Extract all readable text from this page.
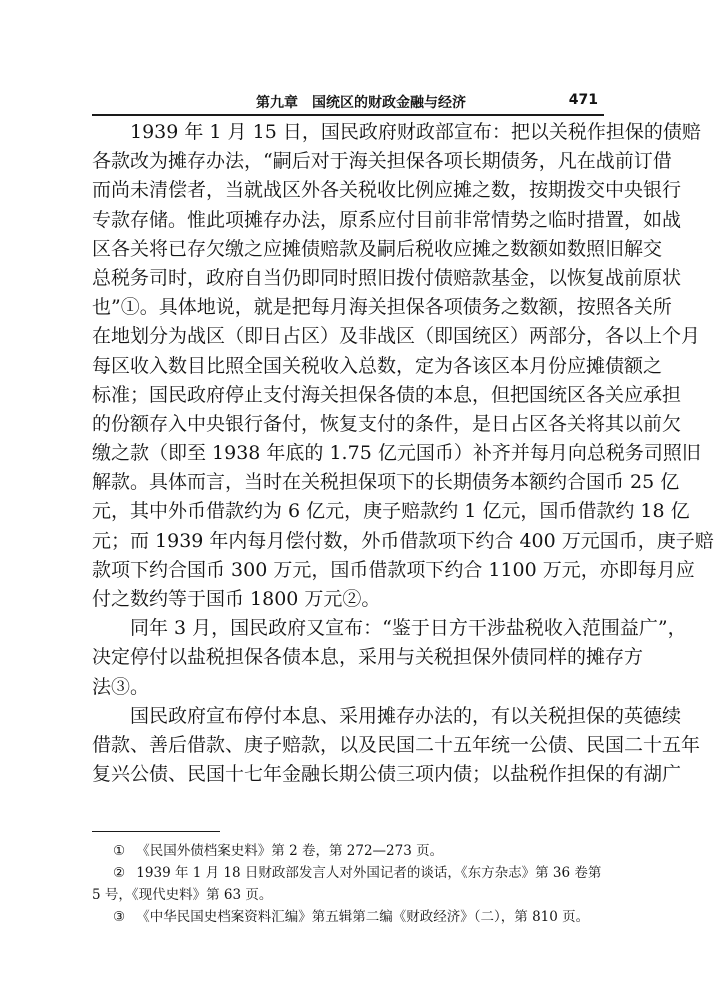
第九章　国统区的财政金融与经济	471
1939 年 1 月 15 日，国民政府财政部宣布：把以关税作担保的债赔
各款改为摊存办法，“嗣后对于海关担保各项长期债务，凡在战前订借
而尚未清偿者，当就战区外各关税收比例应摊之数，按期拨交中央银行
专款存储。惟此项摊存办法，原系应付目前非常情势之临时措置，如战
区各关将已存欠缴之应摊债赔款及嗣后税收应摊之数额如数照旧解交
总税务司时，政府自当仍即同时照旧拨付债赔款基金，以恢复战前原状
也”①。具体地说，就是把每月海关担保各项债务之数额，按照各关所
在地划分为战区（即日占区）及非战区（即国统区）两部分，各以上个月
每区收入数目比照全国关税收入总数，定为各该区本月份应摊债额之
标准；国民政府停止支付海关担保各债的本息，但把国统区各关应承担
的份额存入中央银行备付，恢复支付的条件，是日占区各关将其以前欠
缴之款（即至 1938 年底的 1.75 亿元国币）补齐并每月向总税务司照旧
解款。具体而言，当时在关税担保项下的长期债务本额约合国币 25 亿
元，其中外币借款约为 6 亿元，庚子赔款约 1 亿元，国币借款约 18 亿
元；而 1939 年内每月偿付数，外币借款项下约合 400 万元国币，庚子赔
款项下约合国币 300 万元，国币借款项下约合 1100 万元，亦即每月应
付之数约等于国币 1800 万元②。
同年 3 月，国民政府又宣布：“鉴于日方干涉盐税收入范围益广”，
决定停付以盐税担保各债本息，采用与关税担保外债同样的摊存方
法③。
国民政府宣布停付本息、采用摊存办法的，有以关税担保的英德续
借款、善后借款、庚子赔款，以及民国二十五年统一公债、民国二十五年
复兴公债、民国十七年金融长期公债三项内债；以盐税作担保的有湖广
① 《民国外债档案史料》第 2 卷，第 272—273 页。
② 1939 年 1 月 18 日财政部发言人对外国记者的谈话，《东方杂志》第 36 卷第
5 号，《现代史料》第 63 页。
③ 《中华民国史档案资料汇编》第五辑第二编《财政经济》（二），第 810 页。
